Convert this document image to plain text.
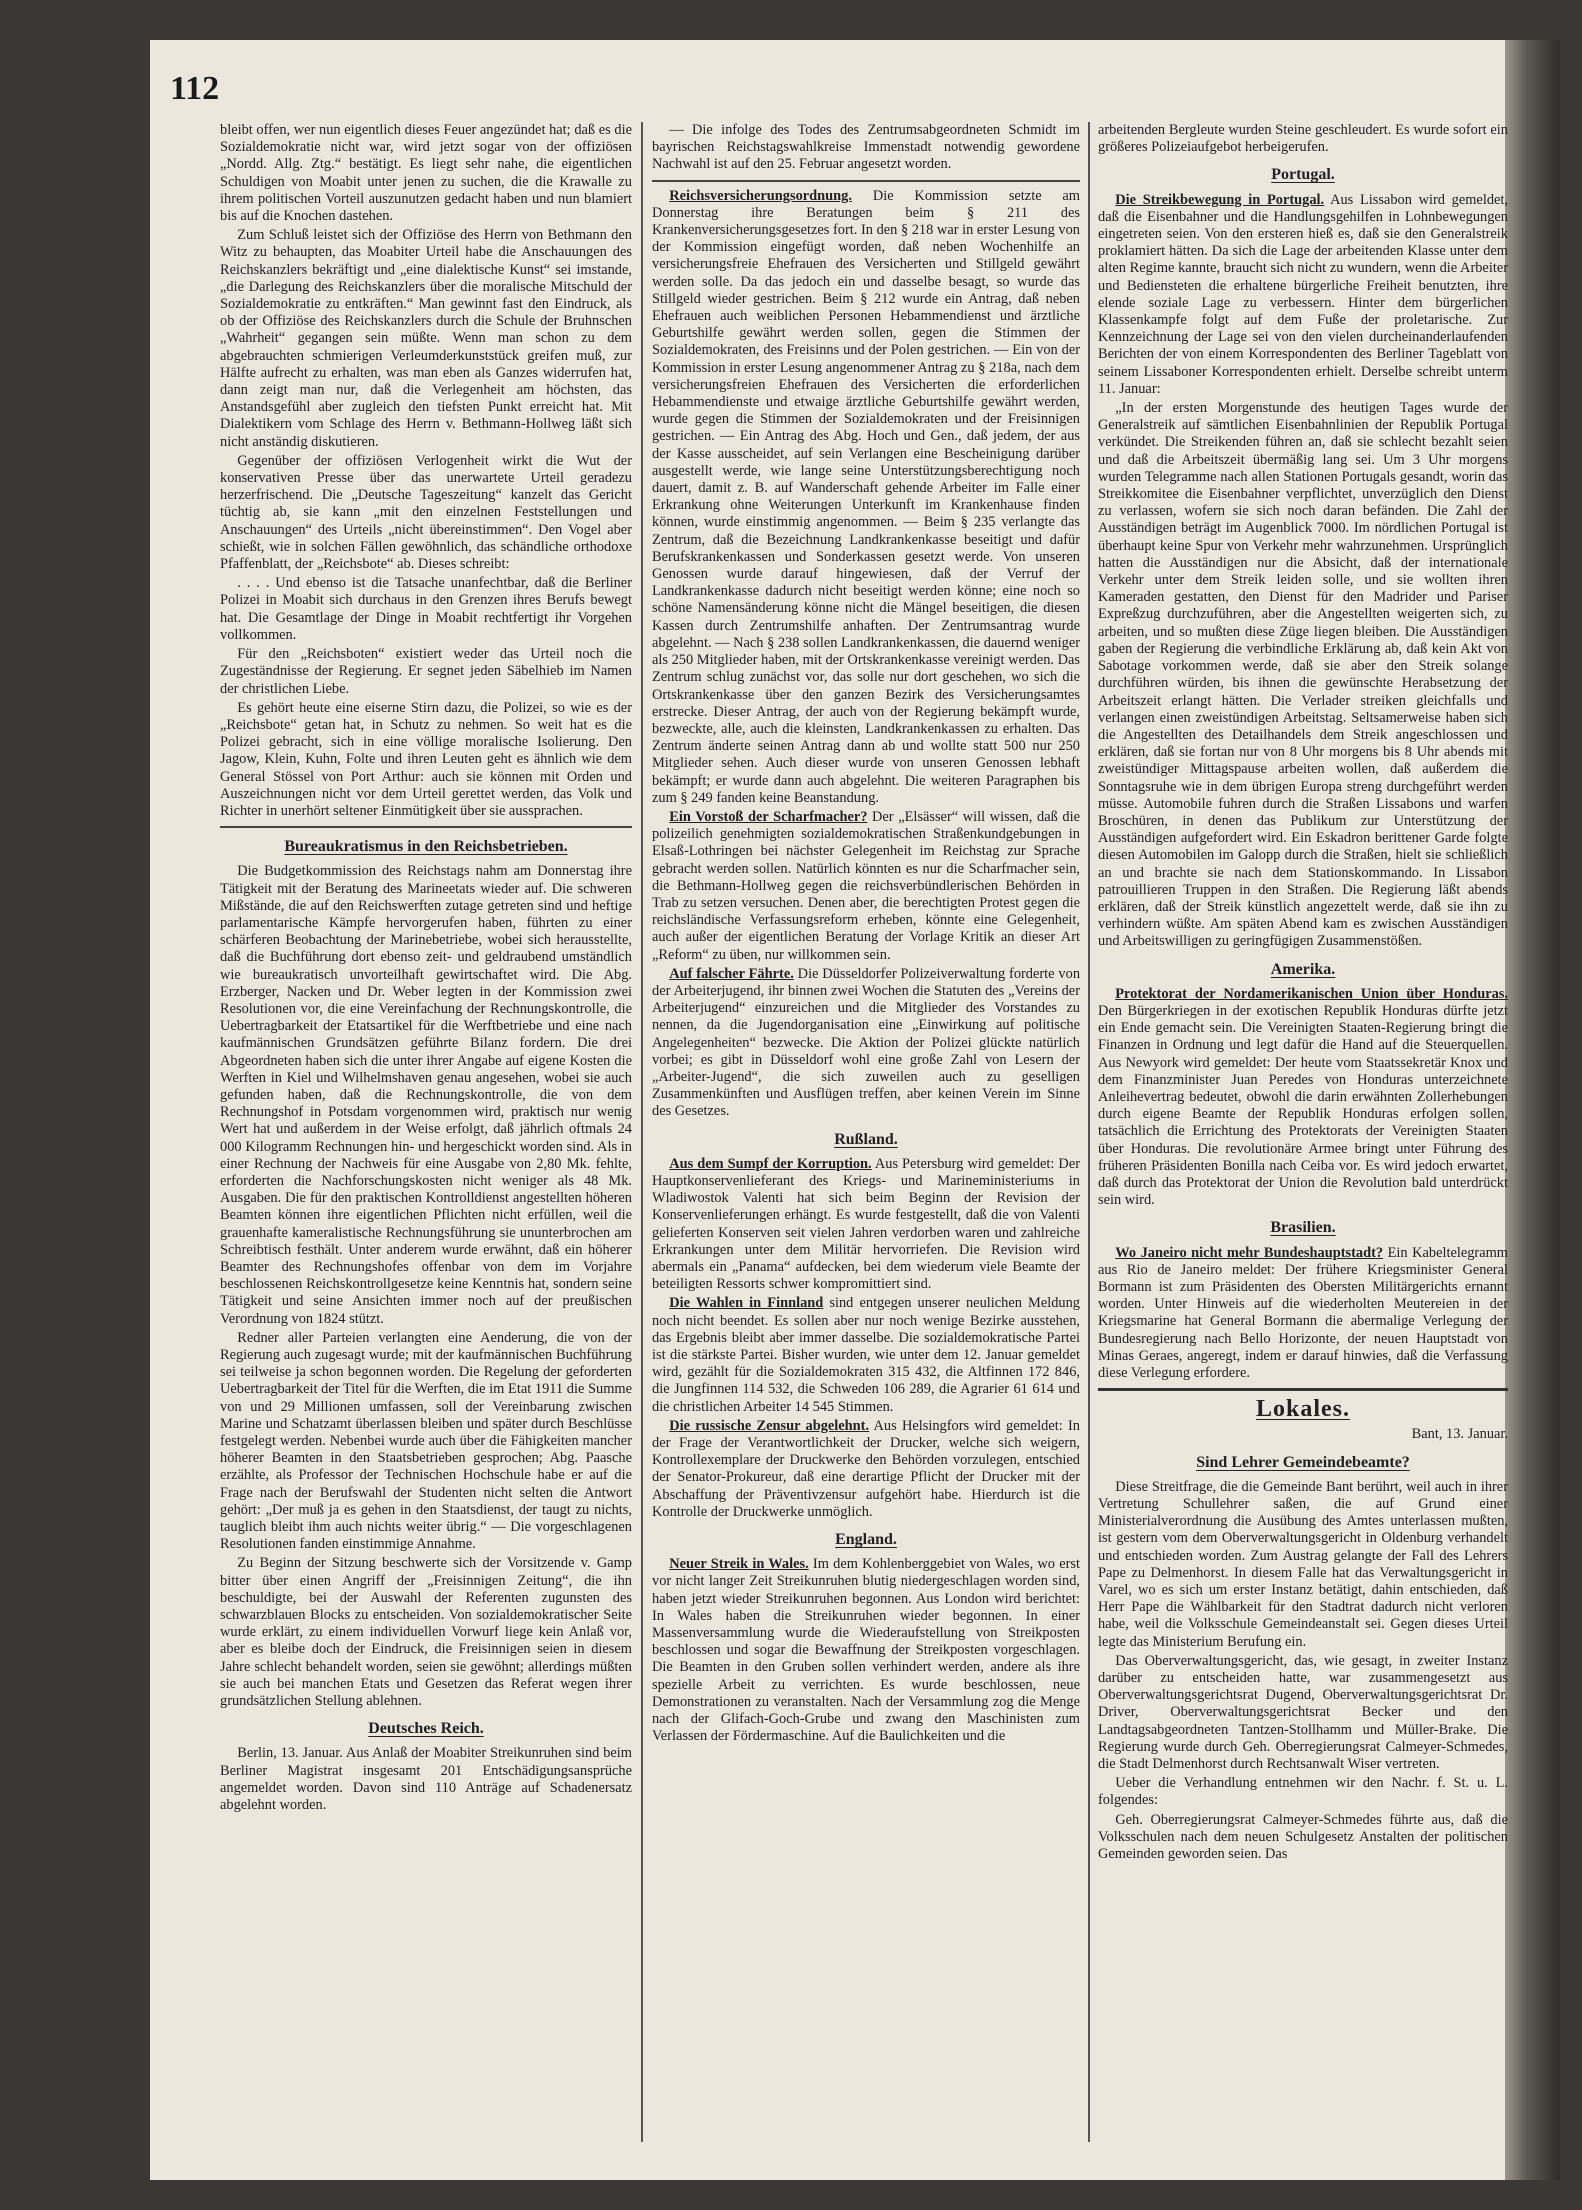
112

bleibt offen, wer nun eigentlich dieses Feuer angezündet hat; daß es die Sozialdemokratie nicht war, wird jetzt sogar von der offiziösen „Nordd. Allg. Ztg.“ bestätigt. Es liegt sehr nahe, die eigentlichen Schuldigen von Moabit unter jenen zu suchen, die die Krawalle zu ihrem politischen Vorteil auszunutzen gedacht haben und nun blamiert bis auf die Knochen dastehen.

Zum Schluß leistet sich der Offiziöse des Herrn von Bethmann den Witz zu behaupten, das Moabiter Urteil habe die Anschauungen des Reichskanzlers bekräftigt und „eine dialektische Kunst“ sei imstande, „die Darlegung des Reichskanzlers über die moralische Mitschuld der Sozialdemokratie zu entkräften.“ Man gewinnt fast den Eindruck, als ob der Offiziöse des Reichskanzlers durch die Schule der Bruhnschen „Wahrheit“ gegangen sein müßte. Wenn man schon zu dem abgebrauchten schmierigen Verleumderkunststück greifen muß, zur Hälfte aufrecht zu erhalten, was man eben als Ganzes widerrufen hat, dann zeigt man nur, daß die Verlegenheit am höchsten, das Anstandsgefühl aber zugleich den tiefsten Punkt erreicht hat. Mit Dialektikern vom Schlage des Herrn v. Bethmann-Hollweg läßt sich nicht anständig diskutieren.

Gegenüber der offiziösen Verlogenheit wirkt die Wut der konservativen Presse über das unerwartete Urteil geradezu herzerfrischend. Die „Deutsche Tageszeitung“ kanzelt das Gericht tüchtig ab, sie kann „mit den einzelnen Feststellungen und Anschauungen“ des Urteils „nicht übereinstimmen“. Den Vogel aber schießt, wie in solchen Fällen gewöhnlich, das schändliche orthodoxe Pfaffenblatt, der „Reichsbote“ ab. Dieses schreibt:

. . . . Und ebenso ist die Tatsache unanfechtbar, daß die Berliner Polizei in Moabit sich durchaus in den Grenzen ihres Berufs bewegt hat. Die Gesamtlage der Dinge in Moabit rechtfertigt ihr Vorgehen vollkommen.

Für den „Reichsboten“ existiert weder das Urteil noch die Zugeständnisse der Regierung. Er segnet jeden Säbelhieb im Namen der christlichen Liebe.

Es gehört heute eine eiserne Stirn dazu, die Polizei, so wie es der „Reichsbote“ getan hat, in Schutz zu nehmen. So weit hat es die Polizei gebracht, sich in eine völlige moralische Isolierung. Den Jagow, Klein, Kuhn, Folte und ihren Leuten geht es ähnlich wie dem General Stössel von Port Arthur: auch sie können mit Orden und Auszeichnungen nicht vor dem Urteil gerettet werden, das Volk und Richter in unerhört seltener Einmütigkeit über sie aussprachen.

Bureaukratismus in den Reichsbetrieben.

Die Budgetkommission des Reichstags nahm am Donnerstag ihre Tätigkeit mit der Beratung des Marineetats wieder auf. Die schweren Mißstände, die auf den Reichswerften zutage getreten sind und heftige parlamentarische Kämpfe hervorgerufen haben, führten zu einer schärferen Beobachtung der Marinebetriebe, wobei sich herausstellte, daß die Buchführung dort ebenso zeit- und geldraubend umständlich wie bureaukratisch unvorteilhaft gewirtschaftet wird. Die Abg. Erzberger, Nacken und Dr. Weber legten in der Kommission zwei Resolutionen vor, die eine Vereinfachung der Rechnungskontrolle, die Uebertragbarkeit der Etatsartikel für die Werftbetriebe und eine nach kaufmännischen Grundsätzen geführte Bilanz fordern. Die drei Abgeordneten haben sich die unter ihrer Angabe auf eigene Kosten die Werften in Kiel und Wilhelmshaven genau angesehen, wobei sie auch gefunden haben, daß die Rechnungskontrolle, die von dem Rechnungshof in Potsdam vorgenommen wird, praktisch nur wenig Wert hat und außerdem in der Weise erfolgt, daß jährlich oftmals 24 000 Kilogramm Rechnungen hin- und hergeschickt worden sind. Als in einer Rechnung der Nachweis für eine Ausgabe von 2,80 Mk. fehlte, erforderten die Nachforschungskosten nicht weniger als 48 Mk. Ausgaben. Die für den praktischen Kontrolldienst angestellten höheren Beamten können ihre eigentlichen Pflichten nicht erfüllen, weil die grauenhafte kameralistische Rechnungsführung sie ununterbrochen am Schreibtisch festhält. Unter anderem wurde erwähnt, daß ein höherer Beamter des Rechnungshofes offenbar von dem im Vorjahre beschlossenen Reichskontrollgesetze keine Kenntnis hat, sondern seine Tätigkeit und seine Ansichten immer noch auf der preußischen Verordnung von 1824 stützt.

Redner aller Parteien verlangten eine Aenderung, die von der Regierung auch zugesagt wurde; mit der kaufmännischen Buchführung sei teilweise ja schon begonnen worden. Die Regelung der geforderten Uebertragbarkeit der Titel für die Werften, die im Etat 1911 die Summe von und 29 Millionen umfassen, soll der Vereinbarung zwischen Marine und Schatzamt überlassen bleiben und später durch Beschlüsse festgelegt werden. Nebenbei wurde auch über die Fähigkeiten mancher höherer Beamten in den Staatsbetrieben gesprochen; Abg. Paasche erzählte, als Professor der Technischen Hochschule habe er auf die Frage nach der Berufswahl der Studenten nicht selten die Antwort gehört: „Der muß ja es gehen in den Staatsdienst, der taugt zu nichts, tauglich bleibt ihm auch nichts weiter übrig.“ — Die vorgeschlagenen Resolutionen fanden einstimmige Annahme.

Zu Beginn der Sitzung beschwerte sich der Vorsitzende v. Gamp bitter über einen Angriff der „Freisinnigen Zeitung“, die ihn beschuldigte, bei der Auswahl der Referenten zugunsten des schwarzblauen Blocks zu entscheiden. Von sozialdemokratischer Seite wurde erklärt, zu einem individuellen Vorwurf liege kein Anlaß vor, aber es bleibe doch der Eindruck, die Freisinnigen seien in diesem Jahre schlecht behandelt worden, seien sie gewöhnt; allerdings müßten sie auch bei manchen Etats und Gesetzen das Referat wegen ihrer grundsätzlichen Stellung ablehnen.

Deutsches Reich.

Berlin, 13. Januar. Aus Anlaß der Moabiter Streikunruhen sind beim Berliner Magistrat insgesamt 201 Entschädigungsansprüche angemeldet worden. Davon sind 110 Anträge auf Schadenersatz abgelehnt worden.

— Die infolge des Todes des Zentrumsabgeordneten Schmidt im bayrischen Reichstagswahlkreise Immenstadt notwendig gewordene Nachwahl ist auf den 25. Februar angesetzt worden.

Reichsversicherungsordnung. Die Kommission setzte am Donnerstag ihre Beratungen beim § 211 des Krankenversicherungsgesetzes fort. In den § 218 war in erster Lesung von der Kommission eingefügt worden, daß neben Wochenhilfe an versicherungsfreie Ehefrauen des Versicherten und Stillgeld gewährt werden solle. Da das jedoch ein und dasselbe besagt, so wurde das Stillgeld wieder gestrichen. Beim § 212 wurde ein Antrag, daß neben Ehefrauen auch weiblichen Personen Hebammendienst und ärztliche Geburtshilfe gewährt werden sollen, gegen die Stimmen der Sozialdemokraten, des Freisinns und der Polen gestrichen. — Ein von der Kommission in erster Lesung angenommener Antrag zu § 218a, nach dem versicherungsfreien Ehefrauen des Versicherten die erforderlichen Hebammendienste und etwaige ärztliche Geburtshilfe gewährt werden, wurde gegen die Stimmen der Sozialdemokraten und der Freisinnigen gestrichen. — Ein Antrag des Abg. Hoch und Gen., daß jedem, der aus der Kasse ausscheidet, auf sein Verlangen eine Bescheinigung darüber ausgestellt werde, wie lange seine Unterstützungsberechtigung noch dauert, damit z. B. auf Wanderschaft gehende Arbeiter im Falle einer Erkrankung ohne Weiterungen Unterkunft im Krankenhause finden können, wurde einstimmig angenommen. — Beim § 235 verlangte das Zentrum, daß die Bezeichnung Landkrankenkasse beseitigt und dafür Berufskrankenkassen und Sonderkassen gesetzt werde. Von unseren Genossen wurde darauf hingewiesen, daß der Verruf der Landkrankenkasse dadurch nicht beseitigt werden könne; eine noch so schöne Namensänderung könne nicht die Mängel beseitigen, die diesen Kassen durch Zentrumshilfe anhaften. Der Zentrumsantrag wurde abgelehnt. — Nach § 238 sollen Landkrankenkassen, die dauernd weniger als 250 Mitglieder haben, mit der Ortskrankenkasse vereinigt werden. Das Zentrum schlug zunächst vor, das solle nur dort geschehen, wo sich die Ortskrankenkasse über den ganzen Bezirk des Versicherungsamtes erstrecke. Dieser Antrag, der auch von der Regierung bekämpft wurde, bezweckte, alle, auch die kleinsten, Landkrankenkassen zu erhalten. Das Zentrum änderte seinen Antrag dann ab und wollte statt 500 nur 250 Mitglieder sehen. Auch dieser wurde von unseren Genossen lebhaft bekämpft; er wurde dann auch abgelehnt. Die weiteren Paragraphen bis zum § 249 fanden keine Beanstandung.

Ein Vorstoß der Scharfmacher? Der „Elsässer“ will wissen, daß die polizeilich genehmigten sozialdemokratischen Straßenkundgebungen in Elsaß-Lothringen bei nächster Gelegenheit im Reichstag zur Sprache gebracht werden sollen. Natürlich könnten es nur die Scharfmacher sein, die Bethmann-Hollweg gegen die reichsverbündlerischen Behörden in Trab zu setzen versuchen. Denen aber, die berechtigten Protest gegen die reichsländische Verfassungsreform erheben, könnte eine Gelegenheit, auch außer der eigentlichen Beratung der Vorlage Kritik an dieser Art „Reform“ zu üben, nur willkommen sein.

Auf falscher Fährte. Die Düsseldorfer Polizeiverwaltung forderte von der Arbeiterjugend, ihr binnen zwei Wochen die Statuten des „Vereins der Arbeiterjugend“ einzureichen und die Mitglieder des Vorstandes zu nennen, da die Jugendorganisation eine „Einwirkung auf politische Angelegenheiten“ bezwecke. Die Aktion der Polizei glückte natürlich vorbei; es gibt in Düsseldorf wohl eine große Zahl von Lesern der „Arbeiter-Jugend“, die sich zuweilen auch zu geselligen Zusammenkünften und Ausflügen treffen, aber keinen Verein im Sinne des Gesetzes.

Rußland.

Aus dem Sumpf der Korruption. Aus Petersburg wird gemeldet: Der Hauptkonservenlieferant des Kriegs- und Marineministeriums in Wladiwostok Valenti hat sich beim Beginn der Revision der Konservenlieferungen erhängt. Es wurde festgestellt, daß die von Valenti gelieferten Konserven seit vielen Jahren verdorben waren und zahlreiche Erkrankungen unter dem Militär hervorriefen. Die Revision wird abermals ein „Panama“ aufdecken, bei dem wiederum viele Beamte der beteiligten Ressorts schwer kompromittiert sind.

Die Wahlen in Finnland sind entgegen unserer neulichen Meldung noch nicht beendet. Es sollen aber nur noch wenige Bezirke ausstehen, das Ergebnis bleibt aber immer dasselbe. Die sozialdemokratische Partei ist die stärkste Partei. Bisher wurden, wie unter dem 12. Januar gemeldet wird, gezählt für die Sozialdemokraten 315 432, die Altfinnen 172 846, die Jungfinnen 114 532, die Schweden 106 289, die Agrarier 61 614 und die christlichen Arbeiter 14 545 Stimmen.

Die russische Zensur abgelehnt. Aus Helsingfors wird gemeldet: In der Frage der Verantwortlichkeit der Drucker, welche sich weigern, Kontrollexemplare der Druckwerke den Behörden vorzulegen, entschied der Senator-Prokureur, daß eine derartige Pflicht der Drucker mit der Abschaffung der Präventivzensur aufgehört habe. Hierdurch ist die Kontrolle der Druckwerke unmöglich.

England.

Neuer Streik in Wales. Im dem Kohlenberggebiet von Wales, wo erst vor nicht langer Zeit Streikunruhen blutig niedergeschlagen worden sind, haben jetzt wieder Streikunruhen begonnen. Aus London wird berichtet: In Wales haben die Streikunruhen wieder begonnen. In einer Massenversammlung wurde die Wiederaufstellung von Streikposten beschlossen und sogar die Bewaffnung der Streikposten vorgeschlagen. Die Beamten in den Gruben sollen verhindert werden, andere als ihre spezielle Arbeit zu verrichten. Es wurde beschlossen, neue Demonstrationen zu veranstalten. Nach der Versammlung zog die Menge nach der Glifach-Goch-Grube und zwang den Maschinisten zum Verlassen der Fördermaschine. Auf die Baulichkeiten und die

arbeitenden Bergleute wurden Steine geschleudert. Es wurde sofort ein größeres Polizeiaufgebot herbeigerufen.

Portugal.

Die Streikbewegung in Portugal. Aus Lissabon wird gemeldet, daß die Eisenbahner und die Handlungsgehilfen in Lohnbewegungen eingetreten seien. Von den ersteren hieß es, daß sie den Generalstreik proklamiert hätten. Da sich die Lage der arbeitenden Klasse unter dem alten Regime kannte, braucht sich nicht zu wundern, wenn die Arbeiter und Bediensteten die erhaltene bürgerliche Freiheit benutzten, ihre elende soziale Lage zu verbessern. Hinter dem bürgerlichen Klassenkampfe folgt auf dem Fuße der proletarische. Zur Kennzeichnung der Lage sei von den vielen durcheinanderlaufenden Berichten der von einem Korrespondenten des Berliner Tageblatt von seinem Lissaboner Korrespondenten erhielt. Derselbe schreibt unterm 11. Januar:

„In der ersten Morgenstunde des heutigen Tages wurde der Generalstreik auf sämtlichen Eisenbahnlinien der Republik Portugal verkündet. Die Streikenden führen an, daß sie schlecht bezahlt seien und daß die Arbeitszeit übermäßig lang sei. Um 3 Uhr morgens wurden Telegramme nach allen Stationen Portugals gesandt, worin das Streikkomitee die Eisenbahner verpflichtet, unverzüglich den Dienst zu verlassen, wofern sie sich noch daran befänden. Die Zahl der Ausständigen beträgt im Augenblick 7000. Im nördlichen Portugal ist überhaupt keine Spur von Verkehr mehr wahrzunehmen. Ursprünglich hatten die Ausständigen nur die Absicht, daß der internationale Verkehr unter dem Streik leiden solle, und sie wollten ihren Kameraden gestatten, den Dienst für den Madrider und Pariser Expreßzug durchzuführen, aber die Angestellten weigerten sich, zu arbeiten, und so mußten diese Züge liegen bleiben. Die Ausständigen gaben der Regierung die verbindliche Erklärung ab, daß kein Akt von Sabotage vorkommen werde, daß sie aber den Streik solange durchführen würden, bis ihnen die gewünschte Herabsetzung der Arbeitszeit erlangt hätten. Die Verlader streiken gleichfalls und verlangen einen zweistündigen Arbeitstag. Seltsamerweise haben sich die Angestellten des Detailhandels dem Streik angeschlossen und erklären, daß sie fortan nur von 8 Uhr morgens bis 8 Uhr abends mit zweistündiger Mittagspause arbeiten wollen, daß außerdem die Sonntagsruhe wie in dem übrigen Europa streng durchgeführt werden müsse. Automobile fuhren durch die Straßen Lissabons und warfen Broschüren, in denen das Publikum zur Unterstützung der Ausständigen aufgefordert wird. Ein Eskadron berittener Garde folgte diesen Automobilen im Galopp durch die Straßen, hielt sie schließlich an und brachte sie nach dem Stationskommando. In Lissabon patrouillieren Truppen in den Straßen. Die Regierung läßt abends erklären, daß der Streik künstlich angezettelt werde, daß sie ihn zu verhindern wüßte. Am späten Abend kam es zwischen Ausständigen und Arbeitswilligen zu geringfügigen Zusammenstößen.

Amerika.

Protektorat der Nordamerikanischen Union über Honduras. Den Bürgerkriegen in der exotischen Republik Honduras dürfte jetzt ein Ende gemacht sein. Die Vereinigten Staaten-Regierung bringt die Finanzen in Ordnung und legt dafür die Hand auf die Steuerquellen. Aus Newyork wird gemeldet: Der heute vom Staatssekretär Knox und dem Finanzminister Juan Peredes von Honduras unterzeichnete Anleihevertrag bedeutet, obwohl die darin erwähnten Zollerhebungen durch eigene Beamte der Republik Honduras erfolgen sollen, tatsächlich die Errichtung des Protektorats der Vereinigten Staaten über Honduras. Die revolutionäre Armee bringt unter Führung des früheren Präsidenten Bonilla nach Ceiba vor. Es wird jedoch erwartet, daß durch das Protektorat der Union die Revolution bald unterdrückt sein wird.

Brasilien.

Wo Janeiro nicht mehr Bundeshauptstadt? Ein Kabeltelegramm aus Rio de Janeiro meldet: Der frühere Kriegsminister General Bormann ist zum Präsidenten des Obersten Militärgerichts ernannt worden. Unter Hinweis auf die wiederholten Meutereien in der Kriegsmarine hat General Bormann die abermalige Verlegung der Bundesregierung nach Bello Horizonte, der neuen Hauptstadt von Minas Geraes, angeregt, indem er darauf hinwies, daß die Verfassung diese Verlegung erfordere.

Lokales.
Bant, 13. Januar.
Sind Lehrer Gemeindebeamte?

Diese Streitfrage, die die Gemeinde Bant berührt, weil auch in ihrer Vertretung Schullehrer saßen, die auf Grund einer Ministerialverordnung die Ausübung des Amtes unterlassen mußten, ist gestern vom dem Oberverwaltungsgericht in Oldenburg verhandelt und entschieden worden. Zum Austrag gelangte der Fall des Lehrers Pape zu Delmenhorst. In diesem Falle hat das Verwaltungsgericht in Varel, wo es sich um erster Instanz betätigt, dahin entschieden, daß Herr Pape die Wählbarkeit für den Stadtrat dadurch nicht verloren habe, weil die Volksschule Gemeindeanstalt sei. Gegen dieses Urteil legte das Ministerium Berufung ein.

Das Oberverwaltungsgericht, das, wie gesagt, in zweiter Instanz darüber zu entscheiden hatte, war zusammengesetzt aus Oberverwaltungsgerichtsrat Dugend, Oberverwaltungsgerichtsrat Dr. Driver, Oberverwaltungsgerichtsrat Becker und den Landtagsabgeordneten Tantzen-Stollhamm und Müller-Brake. Die Regierung wurde durch Geh. Oberregierungsrat Calmeyer-Schmedes, die Stadt Delmenhorst durch Rechtsanwalt Wiser vertreten.

Ueber die Verhandlung entnehmen wir den Nachr. f. St. u. L. folgendes:

Geh. Oberregierungsrat Calmeyer-Schmedes führte aus, daß die Volksschulen nach dem neuen Schulgesetz Anstalten der politischen Gemeinden geworden seien. Das
